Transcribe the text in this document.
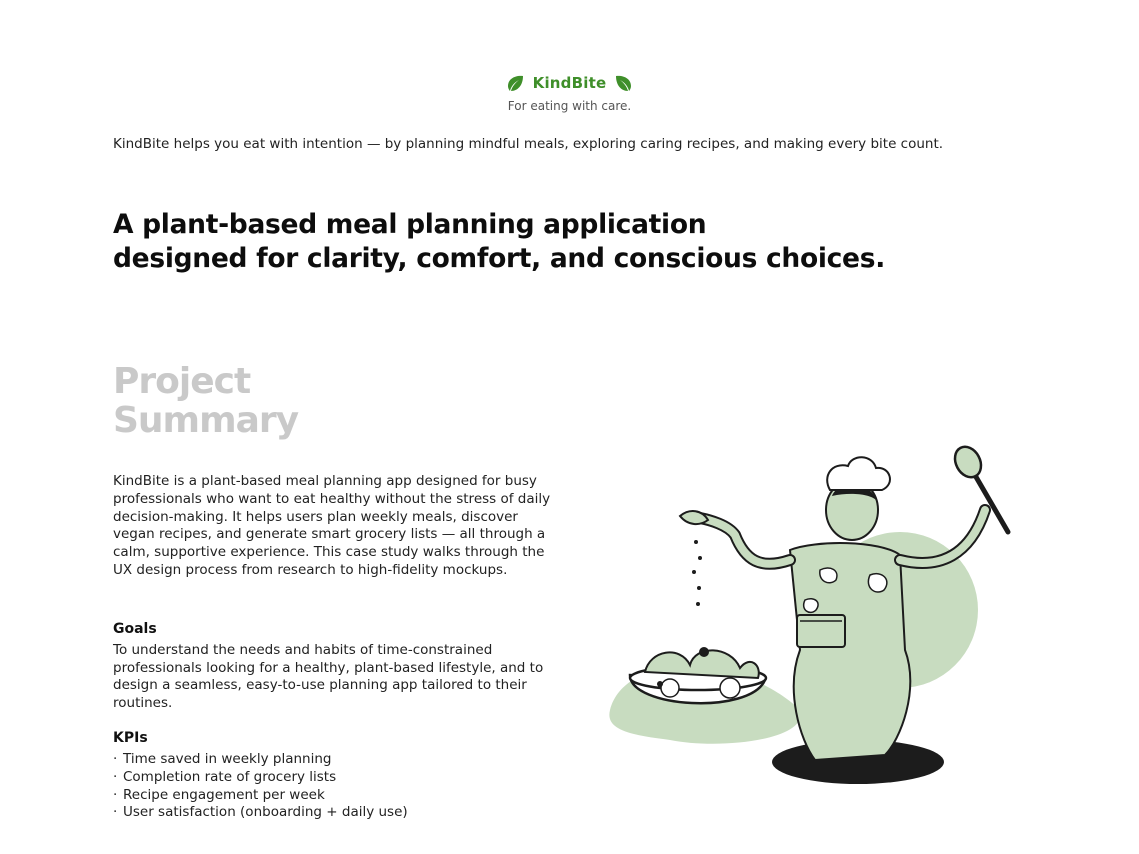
KindBite
For eating with care.
KindBite helps you eat with intention — by planning mindful meals, exploring caring recipes, and making every bite count.
A plant-based meal planning application
designed for clarity, comfort, and conscious choices.
Project
Summary
KindBite is a plant-based meal planning app designed for busy professionals who want to eat healthy without the stress of daily decision-making. It helps users plan weekly meals, discover vegan recipes, and generate smart grocery lists — all through a calm, supportive experience. This case study walks through the UX design process from research to high-fidelity mockups.
Goals
To understand the needs and habits of time-constrained professionals looking for a healthy, plant-based lifestyle, and to design a seamless, easy-to-use planning app tailored to their routines.
KPIs
· Time saved in weekly planning
· Completion rate of grocery lists
· Recipe engagement per week
· User satisfaction (onboarding + daily use)
